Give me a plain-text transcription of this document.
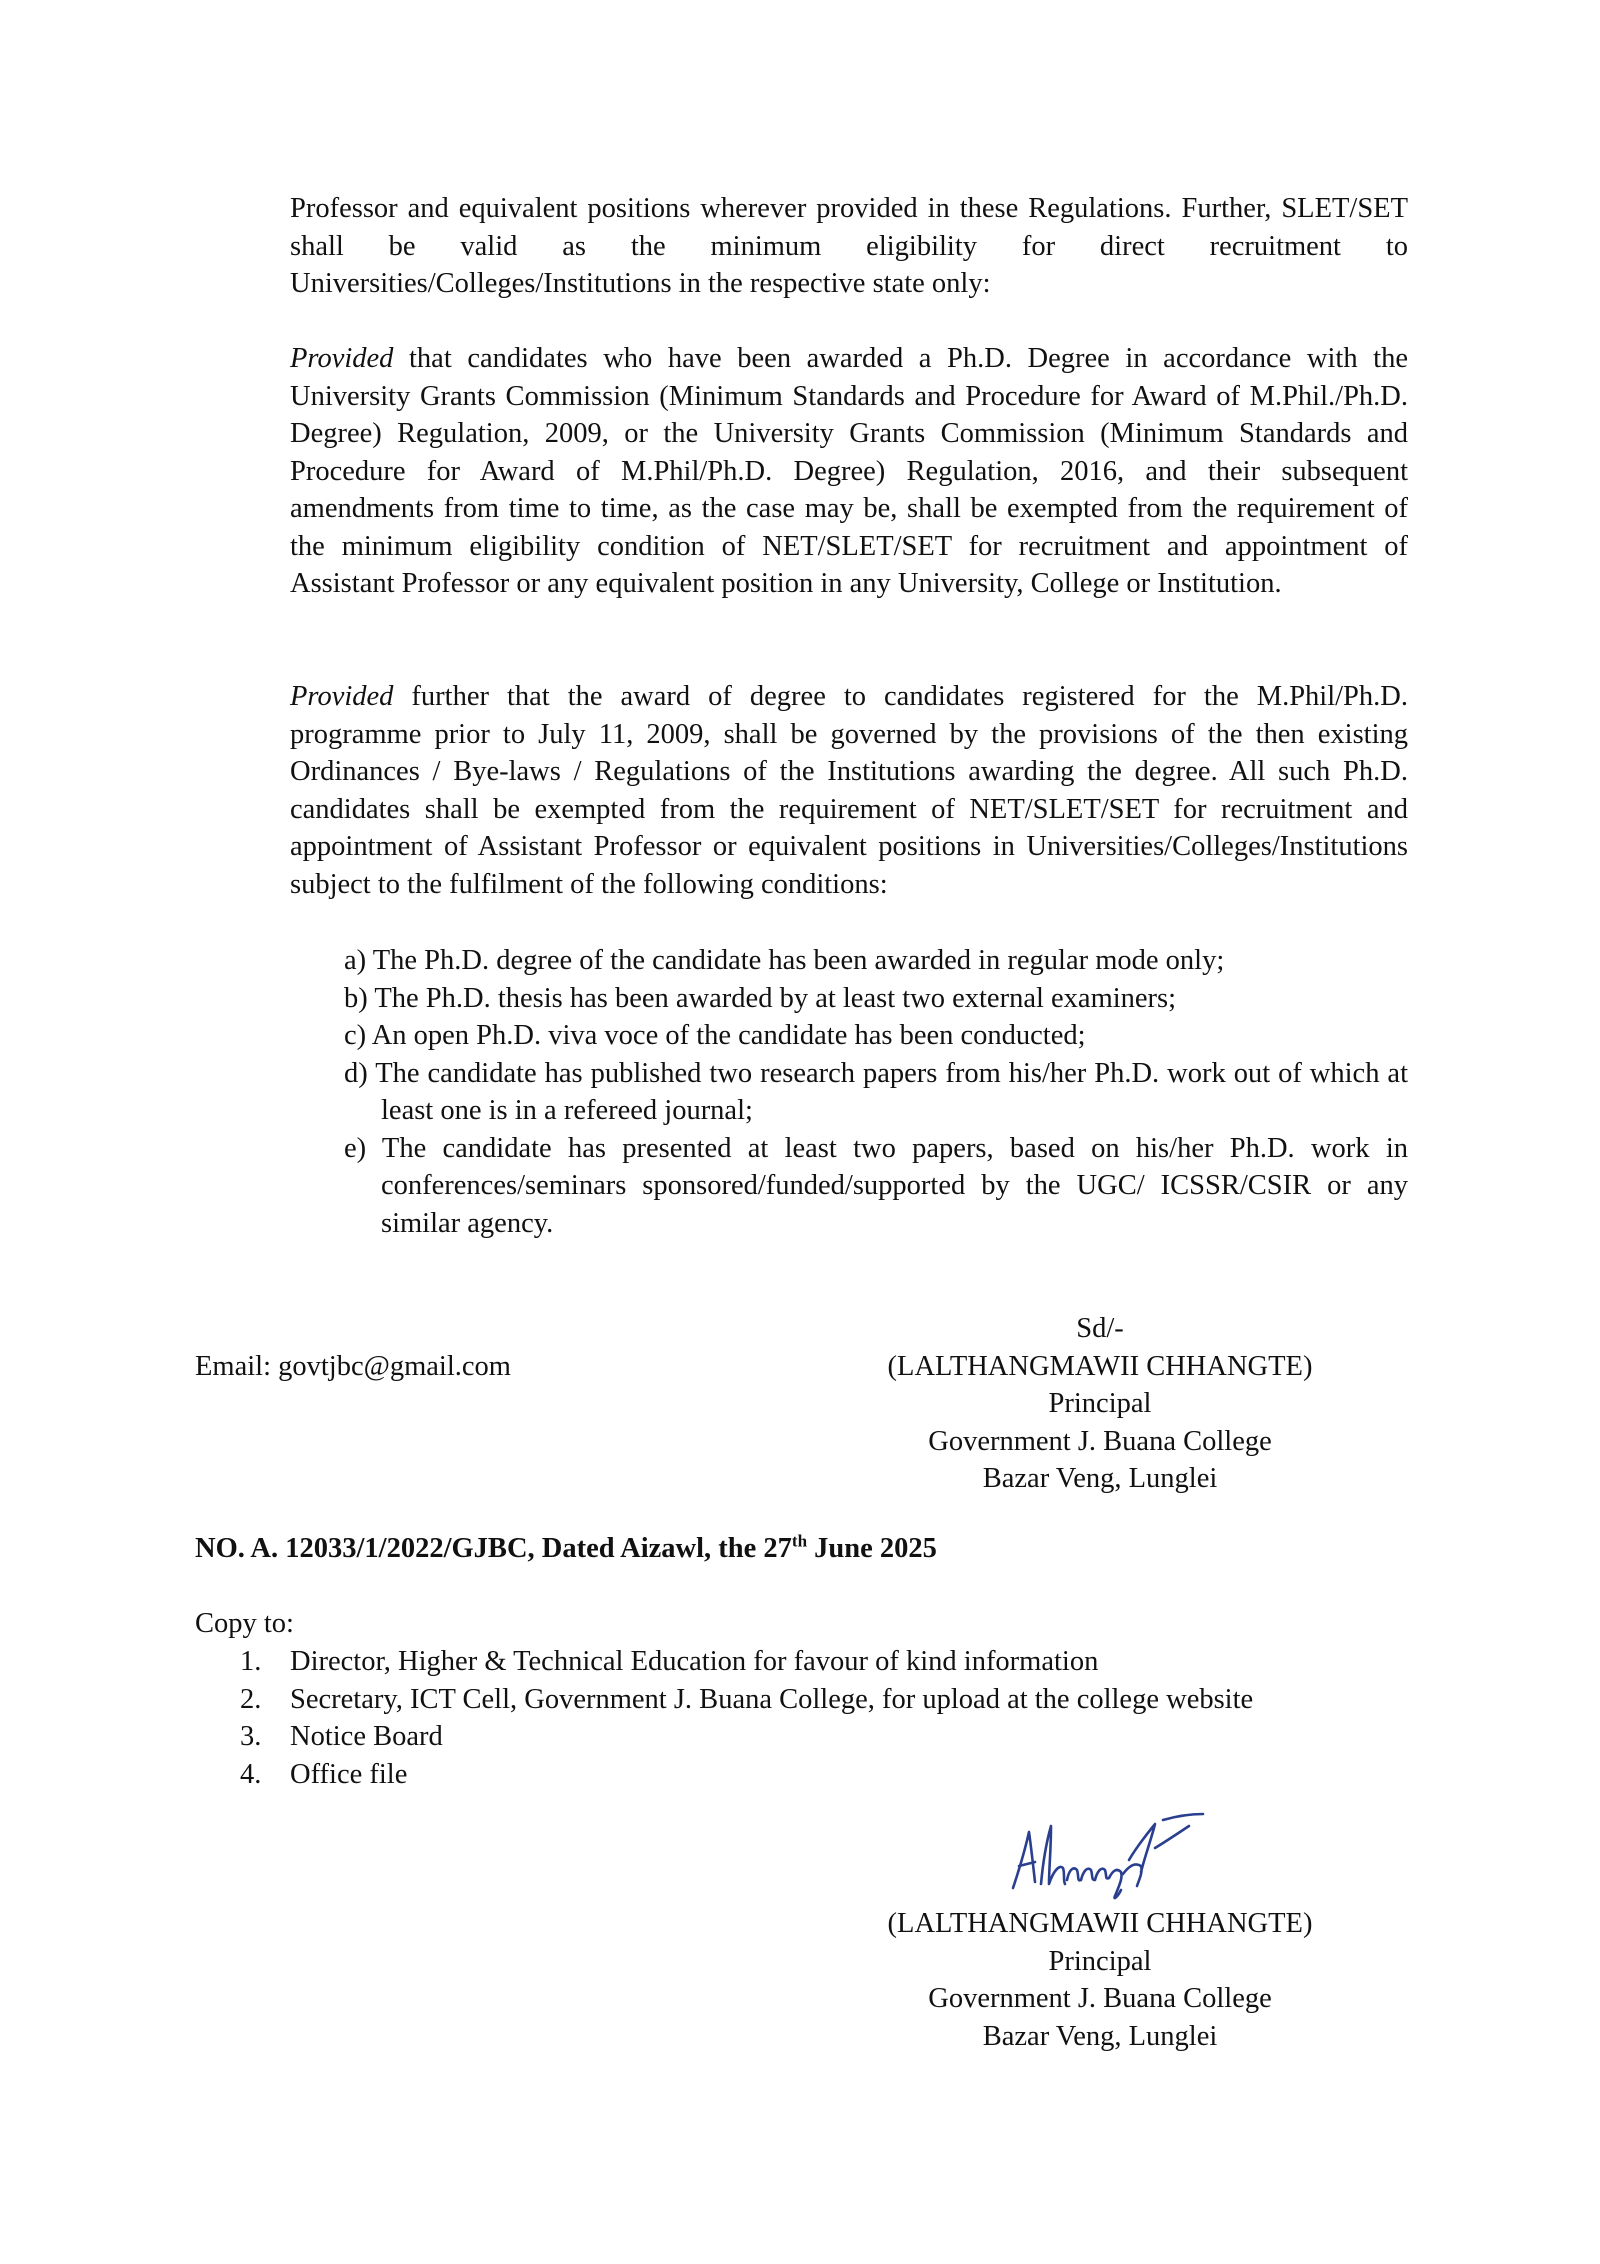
Professor and equivalent positions wherever provided in these Regulations. Further, SLET/SET shall be valid as the minimum eligibility for direct recruitment to Universities/Colleges/Institutions in the respective state only:

Provided that candidates who have been awarded a Ph.D. Degree in accordance with the University Grants Commission (Minimum Standards and Procedure for Award of M.Phil./Ph.D. Degree) Regulation, 2009, or the University Grants Commission (Minimum Standards and Procedure for Award of M.Phil/Ph.D. Degree) Regulation, 2016, and their subsequent amendments from time to time, as the case may be, shall be exempted from the requirement of the minimum eligibility condition of NET/SLET/SET for recruitment and appointment of Assistant Professor or any equivalent position in any University, College or Institution.

Provided further that the award of degree to candidates registered for the M.Phil/Ph.D. programme prior to July 11, 2009, shall be governed by the provisions of the then existing Ordinances / Bye-laws / Regulations of the Institutions awarding the degree. All such Ph.D. candidates shall be exempted from the requirement of NET/SLET/SET for recruitment and appointment of Assistant Professor or equivalent positions in Universities/Colleges/Institutions subject to the fulfilment of the following conditions:

a) The Ph.D. degree of the candidate has been awarded in regular mode only;
b) The Ph.D. thesis has been awarded by at least two external examiners;
c) An open Ph.D. viva voce of the candidate has been conducted;
d) The candidate has published two research papers from his/her Ph.D. work out of which at least one is in a refereed journal;
e) The candidate has presented at least two papers, based on his/her Ph.D. work in conferences/seminars sponsored/funded/supported by the UGC/ ICSSR/CSIR or any similar agency.
Email: govtjbc@gmail.com
Sd/-
(LALTHANGMAWII CHHANGTE)
Principal
Government J. Buana College
Bazar Veng, Lunglei
NO. A. 12033/1/2022/GJBC, Dated Aizawl, the 27th June 2025
Copy to:
1.	Director, Higher & Technical Education for favour of kind information
2.	Secretary, ICT Cell, Government J. Buana College, for upload at the college website
3.	Notice Board
4.	Office file
(LALTHANGMAWII CHHANGTE)
Principal
Government J. Buana College
Bazar Veng, Lunglei
